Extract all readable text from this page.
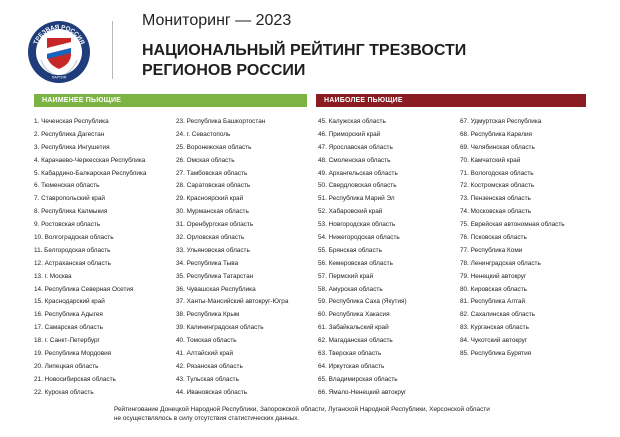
ТРЕЗВАЯ РОССИЯ
ПАРТИЯ
Мониторинг — 2023
НАЦИОНАЛЬНЫЙ РЕЙТИНГ ТРЕЗВОСТИ
РЕГИОНОВ РОССИИ
НАИМЕНЕЕ ПЬЮЩИЕ	НАИБОЛЕЕ ПЬЮЩИЕ
1. Чеченская Республика
2. Республика Дагестан
3. Республика Ингушетия
4. Карачаево-Черкесская Республика
5. Кабардино-Балкарская Республика
6. Тюменская область
7. Ставропольский край
8. Республика Калмыкия
9. Ростовская область
10. Волгоградская область
11. Белгородская область
12. Астраханская область
13. г. Москва
14. Республика Северная Осетия
15. Краснодарский край
16. Республика Адыгея
17. Самарская область
18. г. Санкт-Петербург
19. Республика Мордовия
20. Липецкая область
21. Новосибирская область
22. Курская область
23. Республика Башкортостан
24. г. Севастополь
25. Воронежская область
26. Омская область
27. Тамбовская область
28. Саратовская область
29. Красноярский край
30. Мурманская область
31. Оренбургская область
32. Орловская область
33. Ульяновская область
34. Республика Тыва
35. Республика Татарстан
36. Чувашская Республика
37. Ханты-Мансийский автокруг-Югра
38. Республика Крым
39. Калининградская область
40. Томская область
41. Алтайский край
42. Рязанская область
43. Тульская область
44. Ивановская область
45. Калужская область
46. Приморский край
47. Ярославская область
48. Смоленская область
49. Архангельская область
50. Свердловская область
51. Республика Марий Эл
52. Хабаровский край
53. Новгородская область
54. Нижегородская область
55. Брянская область
56. Кемеровская область
57. Пермский край
58. Амурская область
59. Республика Саха (Якутия)
60. Республика Хакасия
61. Забайкальский край
62. Магаданская область
63. Тверская область
64. Иркутская область
65. Владимирская область
66. Ямало-Ненецкий автокруг
67. Удмуртская Республика
68. Республика Карелия
69. Челябинская область
70. Камчатский край
71. Вологодская область
72. Костромская область
73. Пензенская область
74. Московская область
75. Еврейская автономная область
76. Псковская область
77. Республика Коми
78. Ленинградская область
79. Ненецкий автокруг
80. Кировская область
81. Республика Алтай
82. Сахалинская область
83. Курганская область
84. Чукотский автокруг
85. Республика Бурятия
Рейтингование Донецкой Народной Республики, Запорожской области, Луганской Народной Республики, Херсонской области
не осуществлялось в силу отсутствия статистических данных.
